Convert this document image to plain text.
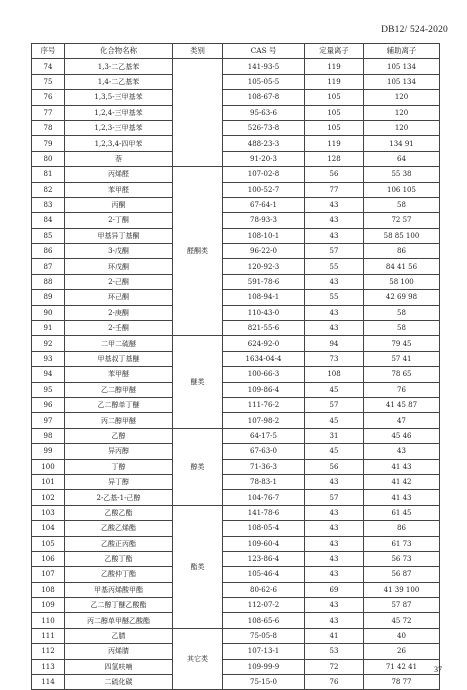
DB12/ 524-2020
序号	化合物名称	类别	CAS 号	定量离子	辅助离子
74	1,3-二乙基苯		141-93-5	119	105 134
75	1,4-二乙基苯		105-05-5	119	105 134
76	1,3,5-三甲基苯		108-67-8	105	120
77	1,2,4-三甲基苯		95-63-6	105	120
78	1,2,3-三甲基苯		526-73-8	105	120
79	1,2,3,4-四甲苯		488-23-3	119	134 91
80	萘		91-20-3	128	64
81	丙烯醛	醛酮类	107-02-8	56	55 38
82	苯甲醛		100-52-7	77	106 105
83	丙酮		67-64-1	43	58
84	2-丁酮		78-93-3	43	72 57
85	甲基异丁基酮		108-10-1	43	58 85 100
86	3-戊酮		96-22-0	57	86
87	环戊酮		120-92-3	55	84 41 56
88	2-己酮		591-78-6	43	58 100
89	环己酮		108-94-1	55	42 69 98
90	2-庚酮		110-43-0	43	58
91	2-壬酮		821-55-6	43	58
92	二甲二硫醚	醚类	624-92-0	94	79 45
93	甲基叔丁基醚		1634-04-4	73	57 41
94	苯甲醚		100-66-3	108	78 65
95	乙二醇甲醚		109-86-4	45	76
96	乙二醇单丁醚		111-76-2	57	41 45 87
97	丙二醇甲醚		107-98-2	45	47
98	乙醇	醇类	64-17-5	31	45 46
99	异丙醇		67-63-0	45	43
100	丁醇		71-36-3	56	41 43
101	异丁醇		78-83-1	43	41 42
102	2-乙基-1-己醇		104-76-7	57	41 43
103	乙酸乙酯	酯类	141-78-6	43	61 45
104	乙酸乙烯酯		108-05-4	43	86
105	乙酸正丙酯		109-60-4	43	61 73
106	乙酸丁酯		123-86-4	43	56 73
107	乙酸仲丁酯		105-46-4	43	56 87
108	甲基丙烯酸甲酯		80-62-6	69	41 39 100
109	乙二醇丁醚乙酸酯		112-07-2	43	57 87
110	丙二醇单甲醚乙酸酯		108-65-6	43	45 72
111	乙腈	其它类	75-05-8	41	40
112	丙烯腈		107-13-1	53	26
113	四氢呋喃		109-99-9	72	71 42 41
114	二硫化碳		75-15-0	76	78 77
37
